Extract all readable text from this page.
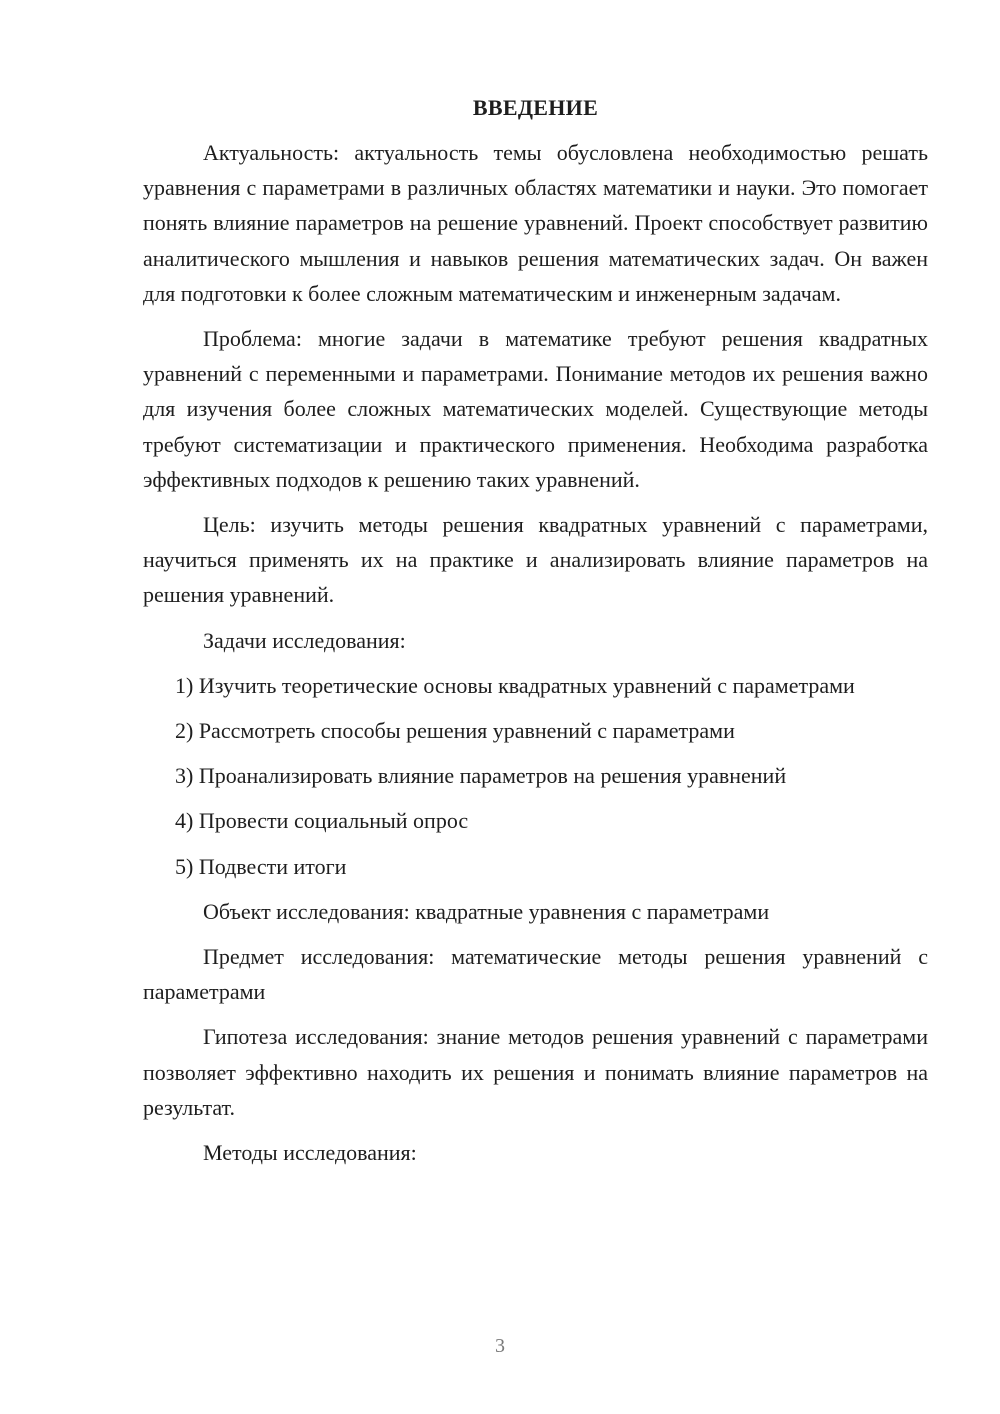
ВВЕДЕНИЕ

Актуальность: актуальность темы обусловлена необходимостью решать уравнения с параметрами в различных областях математики и науки. Это помогает понять влияние параметров на решение уравнений. Проект способствует развитию аналитического мышления и навыков решения математических задач. Он важен для подготовки к более сложным математическим и инженерным задачам.

Проблема: многие задачи в математике требуют решения квадратных уравнений с переменными и параметрами. Понимание методов их решения важно для изучения более сложных математических моделей. Существующие методы требуют систематизации и практического применения. Необходима разработка эффективных подходов к решению таких уравнений.

Цель: изучить методы решения квадратных уравнений с параметрами, научиться применять их на практике и анализировать влияние параметров на решения уравнений.

Задачи исследования:

1) Изучить теоретические основы квадратных уравнений с параметрами

2) Рассмотреть способы решения уравнений с параметрами

3) Проанализировать влияние параметров на решения уравнений

4) Провести социальный опрос

5) Подвести итоги

Объект исследования: квадратные уравнения с параметрами

Предмет исследования: математические методы решения уравнений с параметрами

Гипотеза исследования: знание методов решения уравнений с параметрами позволяет эффективно находить их решения и понимать влияние параметров на результат.

Методы исследования:

3
